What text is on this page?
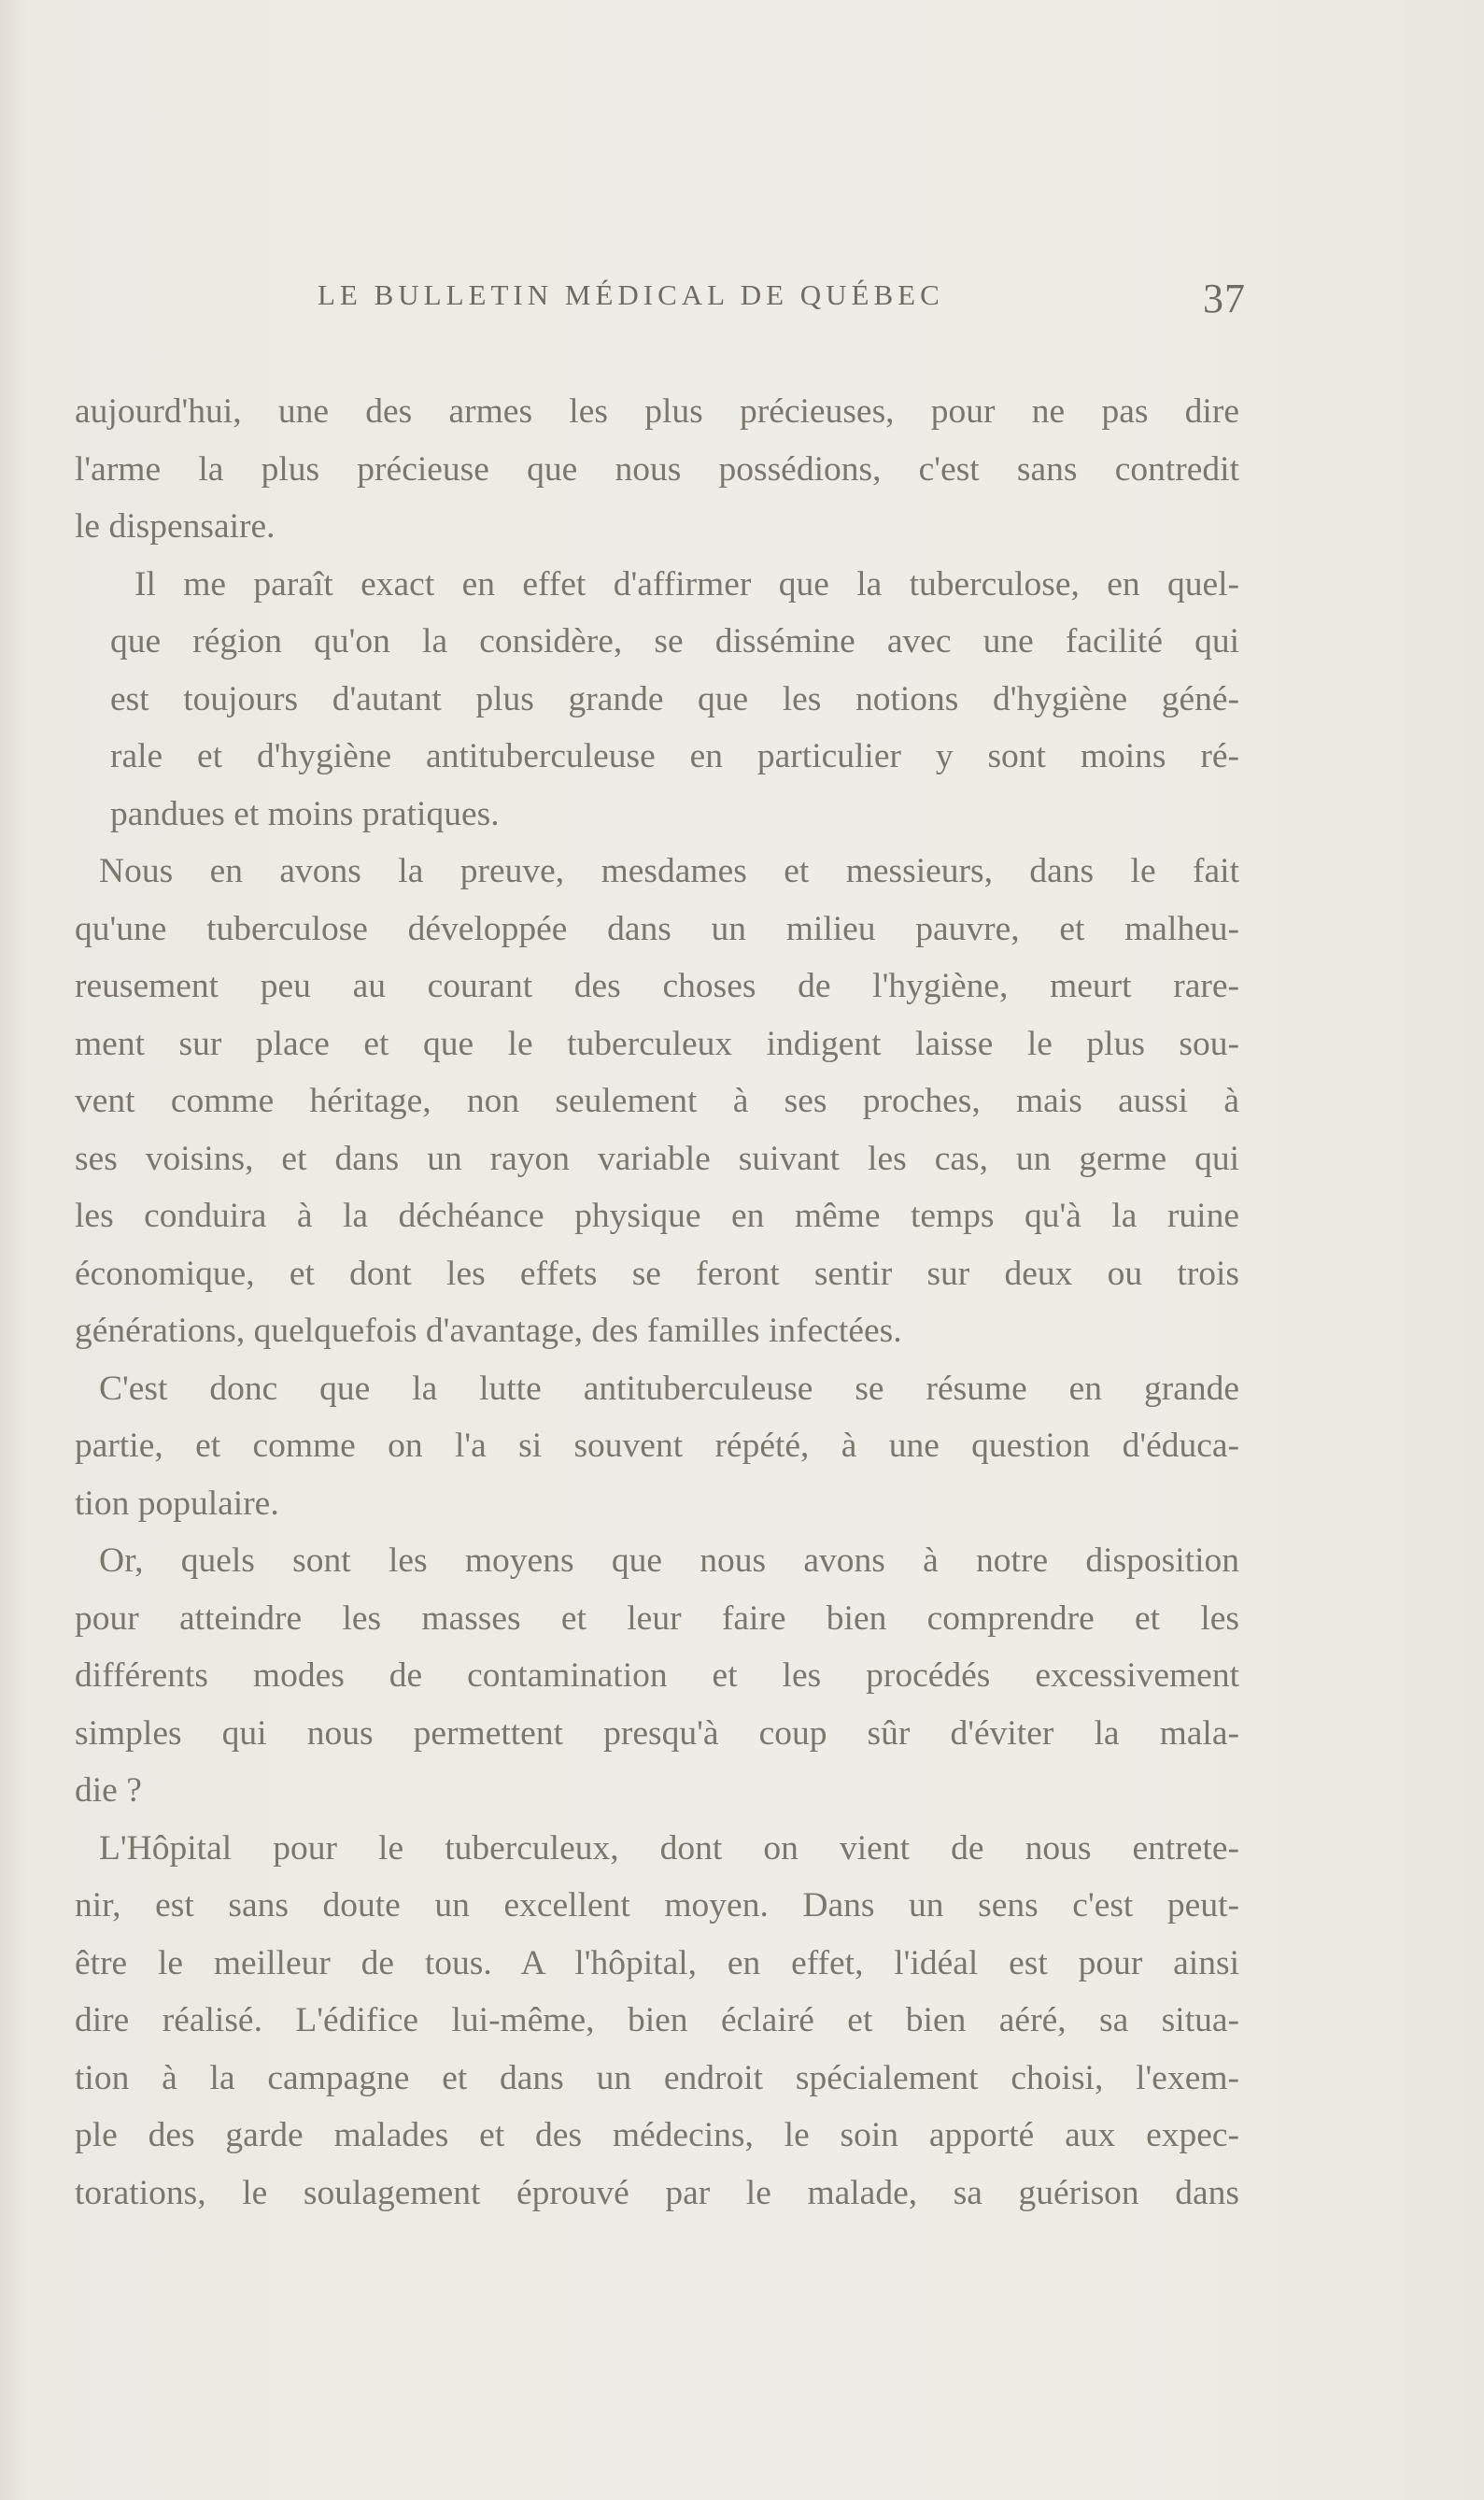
LE BULLETIN MÉDICAL DE QUÉBEC	37

aujourd'hui, une des armes les plus précieuses, pour ne pas dire
l'arme la plus précieuse que nous possédions, c'est sans contredit
le dispensaire.

Il me paraît exact en effet d'affirmer que la tuberculose, en quel-
que région qu'on la considère, se dissémine avec une facilité qui
est toujours d'autant plus grande que les notions d'hygiène géné-
rale et d'hygiène antituberculeuse en particulier y sont moins ré-
pandues et moins pratiques.

Nous en avons la preuve, mesdames et messieurs, dans le fait
qu'une tuberculose développée dans un milieu pauvre, et malheu-
reusement peu au courant des choses de l'hygiène, meurt rare-
ment sur place et que le tuberculeux indigent laisse le plus sou-
vent comme héritage, non seulement à ses proches, mais aussi à
ses voisins, et dans un rayon variable suivant les cas, un germe qui
les conduira à la déchéance physique en même temps qu'à la ruine
économique, et dont les effets se feront sentir sur deux ou trois
générations, quelquefois d'avantage, des familles infectées.

C'est donc que la lutte antituberculeuse se résume en grande
partie, et comme on l'a si souvent répété, à une question d'éduca-
tion populaire.

Or, quels sont les moyens que nous avons à notre disposition
pour atteindre les masses et leur faire bien comprendre et les
différents modes de contamination et les procédés excessivement
simples qui nous permettent presqu'à coup sûr d'éviter la mala-
die ?

L'Hôpital pour le tuberculeux, dont on vient de nous entrete-
nir, est sans doute un excellent moyen. Dans un sens c'est peut-
être le meilleur de tous. A l'hôpital, en effet, l'idéal est pour ainsi
dire réalisé. L'édifice lui-même, bien éclairé et bien aéré, sa situa-
tion à la campagne et dans un endroit spécialement choisi, l'exem-
ple des garde malades et des médecins, le soin apporté aux expec-
torations, le soulagement éprouvé par le malade, sa guérison dans
